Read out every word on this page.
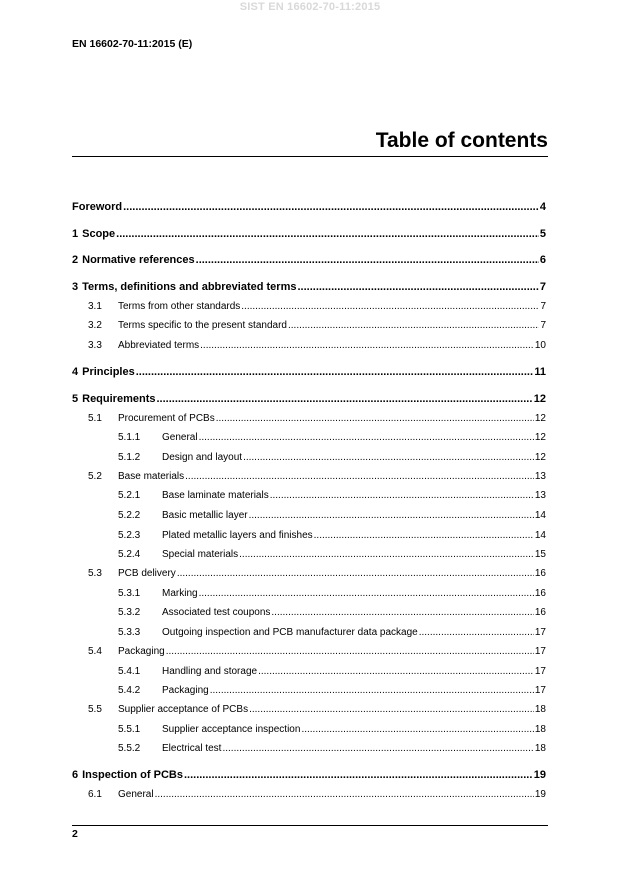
SIST EN 16602-70-11:2015
EN 16602-70-11:2015 (E)
Table of contents
Foreword .....	4
1 Scope .....	5
2 Normative references .....	6
3 Terms, definitions and abbreviated terms .....	7
3.1	Terms from other standards .....	7
3.2	Terms specific to the present standard .....	7
3.3	Abbreviated terms .....	10
4 Principles .....	11
5 Requirements .....	12
5.1	Procurement of PCBs .....	12
5.1.1	General .....	12
5.1.2	Design and layout .....	12
5.2	Base materials .....	13
5.2.1	Base laminate materials .....	13
5.2.2	Basic metallic layer .....	14
5.2.3	Plated metallic layers and finishes .....	14
5.2.4	Special materials .....	15
5.3	PCB delivery .....	16
5.3.1	Marking .....	16
5.3.2	Associated test coupons .....	16
5.3.3	Outgoing inspection and PCB manufacturer data package .....	17
5.4	Packaging .....	17
5.4.1	Handling and storage .....	17
5.4.2	Packaging .....	17
5.5	Supplier acceptance of PCBs .....	18
5.5.1	Supplier acceptance inspection .....	18
5.5.2	Electrical test .....	18
6 Inspection of PCBs .....	19
6.1	General .....	19
2
